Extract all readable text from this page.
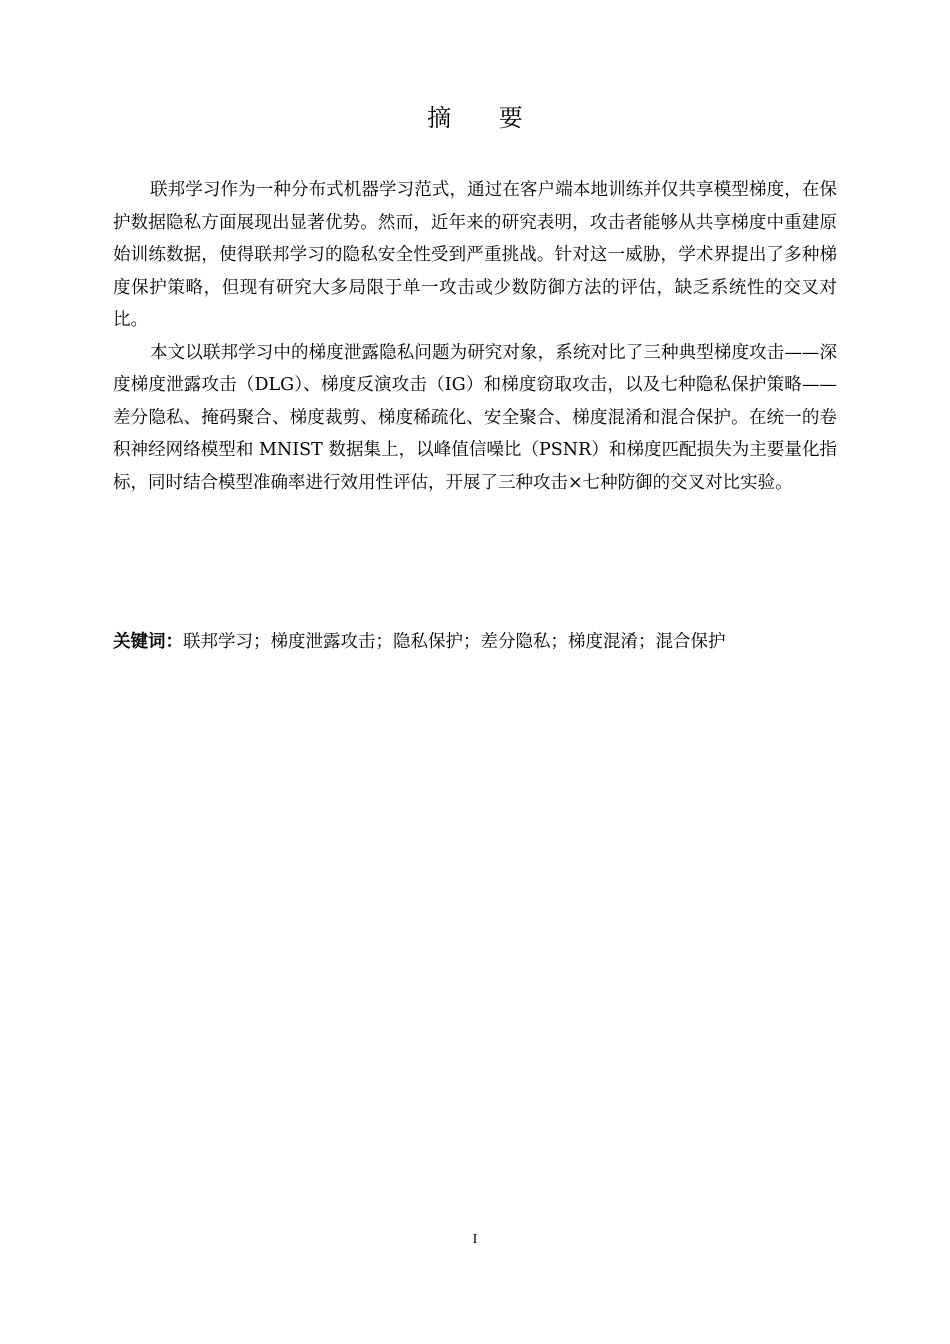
摘 要

联邦学习作为一种分布式机器学习范式，通过在客户端本地训练并仅共享模型梯度，在保护数据隐私方面展现出显著优势。然而，近年来的研究表明，攻击者能够从共享梯度中重建原始训练数据，使得联邦学习的隐私安全性受到严重挑战。针对这一威胁，学术界提出了多种梯度保护策略，但现有研究大多局限于单一攻击或少数防御方法的评估，缺乏系统性的交叉对比。

本文以联邦学习中的梯度泄露隐私问题为研究对象，系统对比了三种典型梯度攻击——深度梯度泄露攻击（DLG）、梯度反演攻击（IG）和梯度窃取攻击，以及七种隐私保护策略——差分隐私、掩码聚合、梯度裁剪、梯度稀疏化、安全聚合、梯度混淆和混合保护。在统一的卷积神经网络模型和 MNIST 数据集上，以峰值信噪比（PSNR）和梯度匹配损失为主要量化指标，同时结合模型准确率进行效用性评估，开展了三种攻击×七种防御的交叉对比实验。

关键词：联邦学习；梯度泄露攻击；隐私保护；差分隐私；梯度混淆；混合保护
I
